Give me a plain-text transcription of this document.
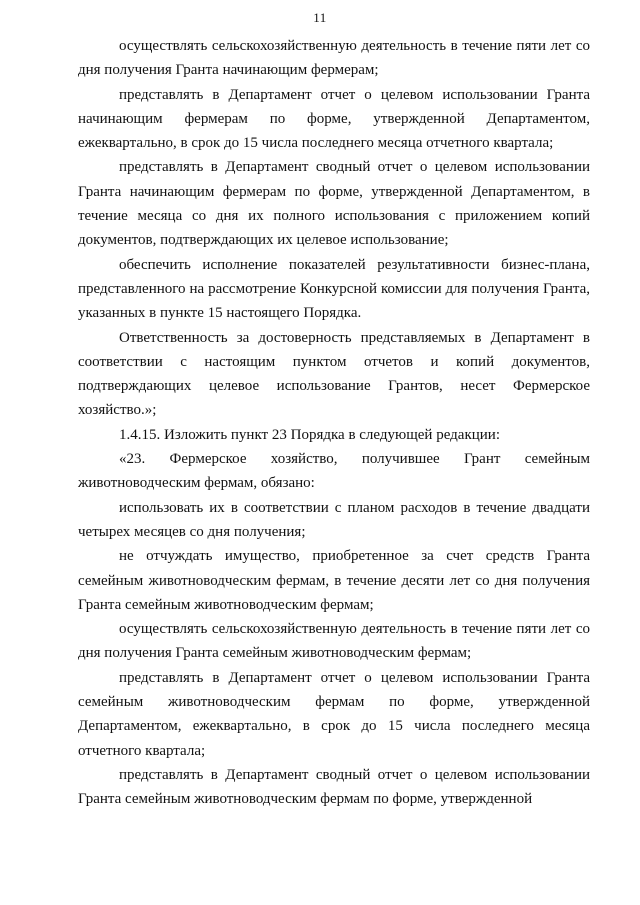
11

осуществлять сельскохозяйственную деятельность в течение пяти лет со дня получения Гранта начинающим фермерам;

представлять в Департамент отчет о целевом использовании Гранта начинающим фермерам по форме, утвержденной Департаментом, ежеквартально, в срок до 15 числа последнего месяца отчетного квартала;

представлять в Департамент сводный отчет о целевом использовании Гранта начинающим фермерам по форме, утвержденной Департаментом, в течение месяца со дня их полного использования с приложением копий документов, подтверждающих их целевое использование;

обеспечить исполнение показателей результативности бизнес-плана, представленного на рассмотрение Конкурсной комиссии для получения Гранта, указанных в пункте 15 настоящего Порядка.

Ответственность за достоверность представляемых в Департамент в соответствии с настоящим пунктом отчетов и копий документов, подтверждающих целевое использование Грантов, несет Фермерское хозяйство.»;

1.4.15. Изложить пункт 23 Порядка в следующей редакции:

«23. Фермерское хозяйство, получившее Грант семейным животноводческим фермам, обязано:

использовать их в соответствии с планом расходов в течение двадцати четырех месяцев со дня получения;

не отчуждать имущество, приобретенное за счет средств Гранта семейным животноводческим фермам, в течение десяти лет со дня получения Гранта семейным животноводческим фермам;

осуществлять сельскохозяйственную деятельность в течение пяти лет со дня получения Гранта семейным животноводческим фермам;

представлять в Департамент отчет о целевом использовании Гранта семейным животноводческим фермам по форме, утвержденной Департаментом, ежеквартально, в срок до 15 числа последнего месяца отчетного квартала;

представлять в Департамент сводный отчет о целевом использовании Гранта семейным животноводческим фермам по форме, утвержденной
